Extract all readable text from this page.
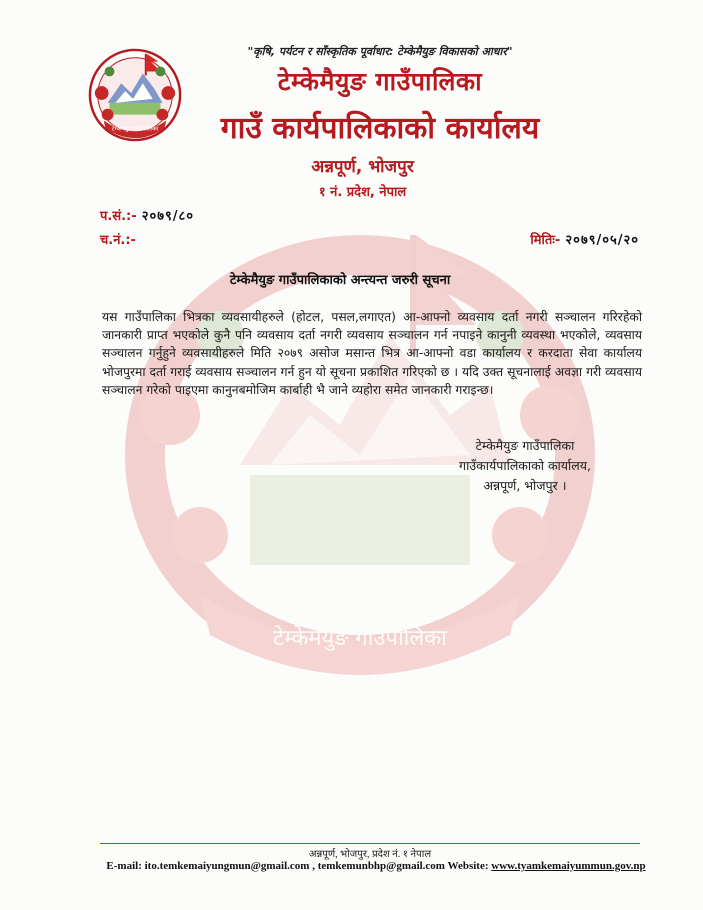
टेम्केमैयुङ गाउँपालिका
टेम्केमैयुङ गाउँपालिका
"कृषि, पर्यटन र साँस्कृतिक पूर्वाधार: टेम्केमैयुङ विकासको आधार"
टेम्केमैयुङ गाउँपालिका
गाउँ कार्यपालिकाको कार्यालय
अन्नपूर्ण, भोजपुर
१ नं. प्रदेश, नेपाल
प.सं.:- २०७९/८०
च.नं.:-	मितिः- २०७९/०५/२०
टेम्केमैयुङ गाउँपालिकाको अन्त्यन्त जरुरी सूचना
यस गाउँपालिका भित्रका व्यवसायीहरुले (होटल, पसल,लगाएत) आ-आफ्नो व्यवसाय दर्ता नगरी सञ्चालन गरिरहेको जानकारी प्राप्त भएकोले कुनै पनि व्यवसाय दर्ता नगरी व्यवसाय सञ्चालन गर्न नपाइने कानुनी व्यवस्था भएकोले, व्यवसाय सञ्चालन गर्नुहुने व्यवसायीहरुले मिति २०७९ असोज मसान्त भित्र आ-आफ्नो वडा कार्यालय र करदाता सेवा कार्यालय भोजपुरमा दर्ता गराई व्यवसाय सञ्चालन गर्न हुन यो सूचना प्रकाशित गरिएको छ । यदि उक्त सूचनालाई अवज्ञा गरी व्यवसाय सञ्चालन गरेको पाइएमा कानुनबमोजिम कार्बाही भै जाने व्यहोरा समेत जानकारी गराइन्छ।
टेम्केमैयुङ गाउँपालिका
गाउँकार्यपालिकाको कार्यालय,
अन्नपूर्ण, भोजपुर ।
अन्नपूर्ण, भोजपुर, प्रदेश नं. १ नेपाल
E-mail: ito.temkemaiyungmun@gmail.com , temkemunbhp@gmail.com Website: www.tyamkemaiyummun.gov.np
